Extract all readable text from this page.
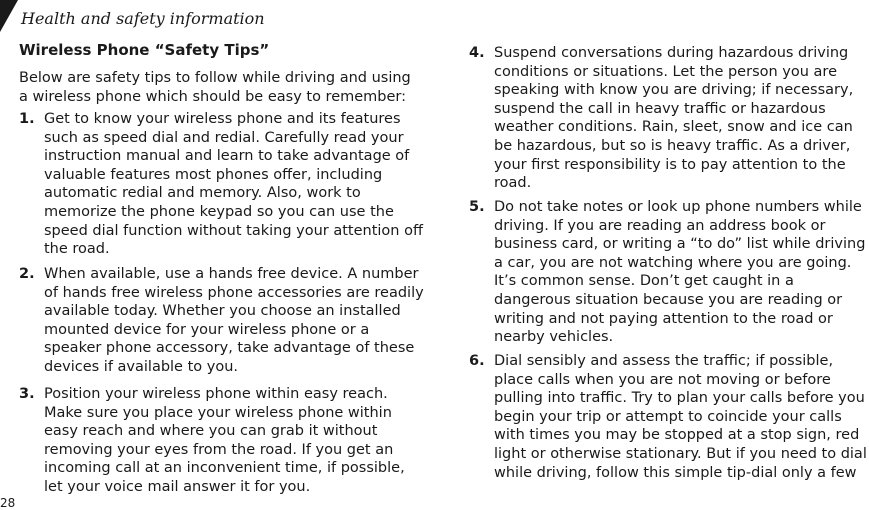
Health and safety information
Wireless Phone “Safety Tips”
Below are safety tips to follow while driving and using a wireless phone which should be easy to remember:
1. Get to know your wireless phone and its features such as speed dial and redial. Carefully read your instruction manual and learn to take advantage of valuable features most phones offer, including automatic redial and memory. Also, work to memorize the phone keypad so you can use the speed dial function without taking your attention off the road.
2. When available, use a hands free device. A number of hands free wireless phone accessories are readily available today. Whether you choose an installed mounted device for your wireless phone or a speaker phone accessory, take advantage of these devices if available to you.
3. Position your wireless phone within easy reach. Make sure you place your wireless phone within easy reach and where you can grab it without removing your eyes from the road. If you get an incoming call at an inconvenient time, if possible, let your voice mail answer it for you.
4. Suspend conversations during hazardous driving conditions or situations. Let the person you are speaking with know you are driving; if necessary, suspend the call in heavy traffic or hazardous weather conditions. Rain, sleet, snow and ice can be hazardous, but so is heavy traffic. As a driver, your first responsibility is to pay attention to the road.
5. Do not take notes or look up phone numbers while driving. If you are reading an address book or business card, or writing a “to do” list while driving a car, you are not watching where you are going. It’s common sense. Don’t get caught in a dangerous situation because you are reading or writing and not paying attention to the road or nearby vehicles.
6. Dial sensibly and assess the traffic; if possible, place calls when you are not moving or before pulling into traffic. Try to plan your calls before you begin your trip or attempt to coincide your calls with times you may be stopped at a stop sign, red light or otherwise stationary. But if you need to dial while driving, follow this simple tip-dial only a few
28
